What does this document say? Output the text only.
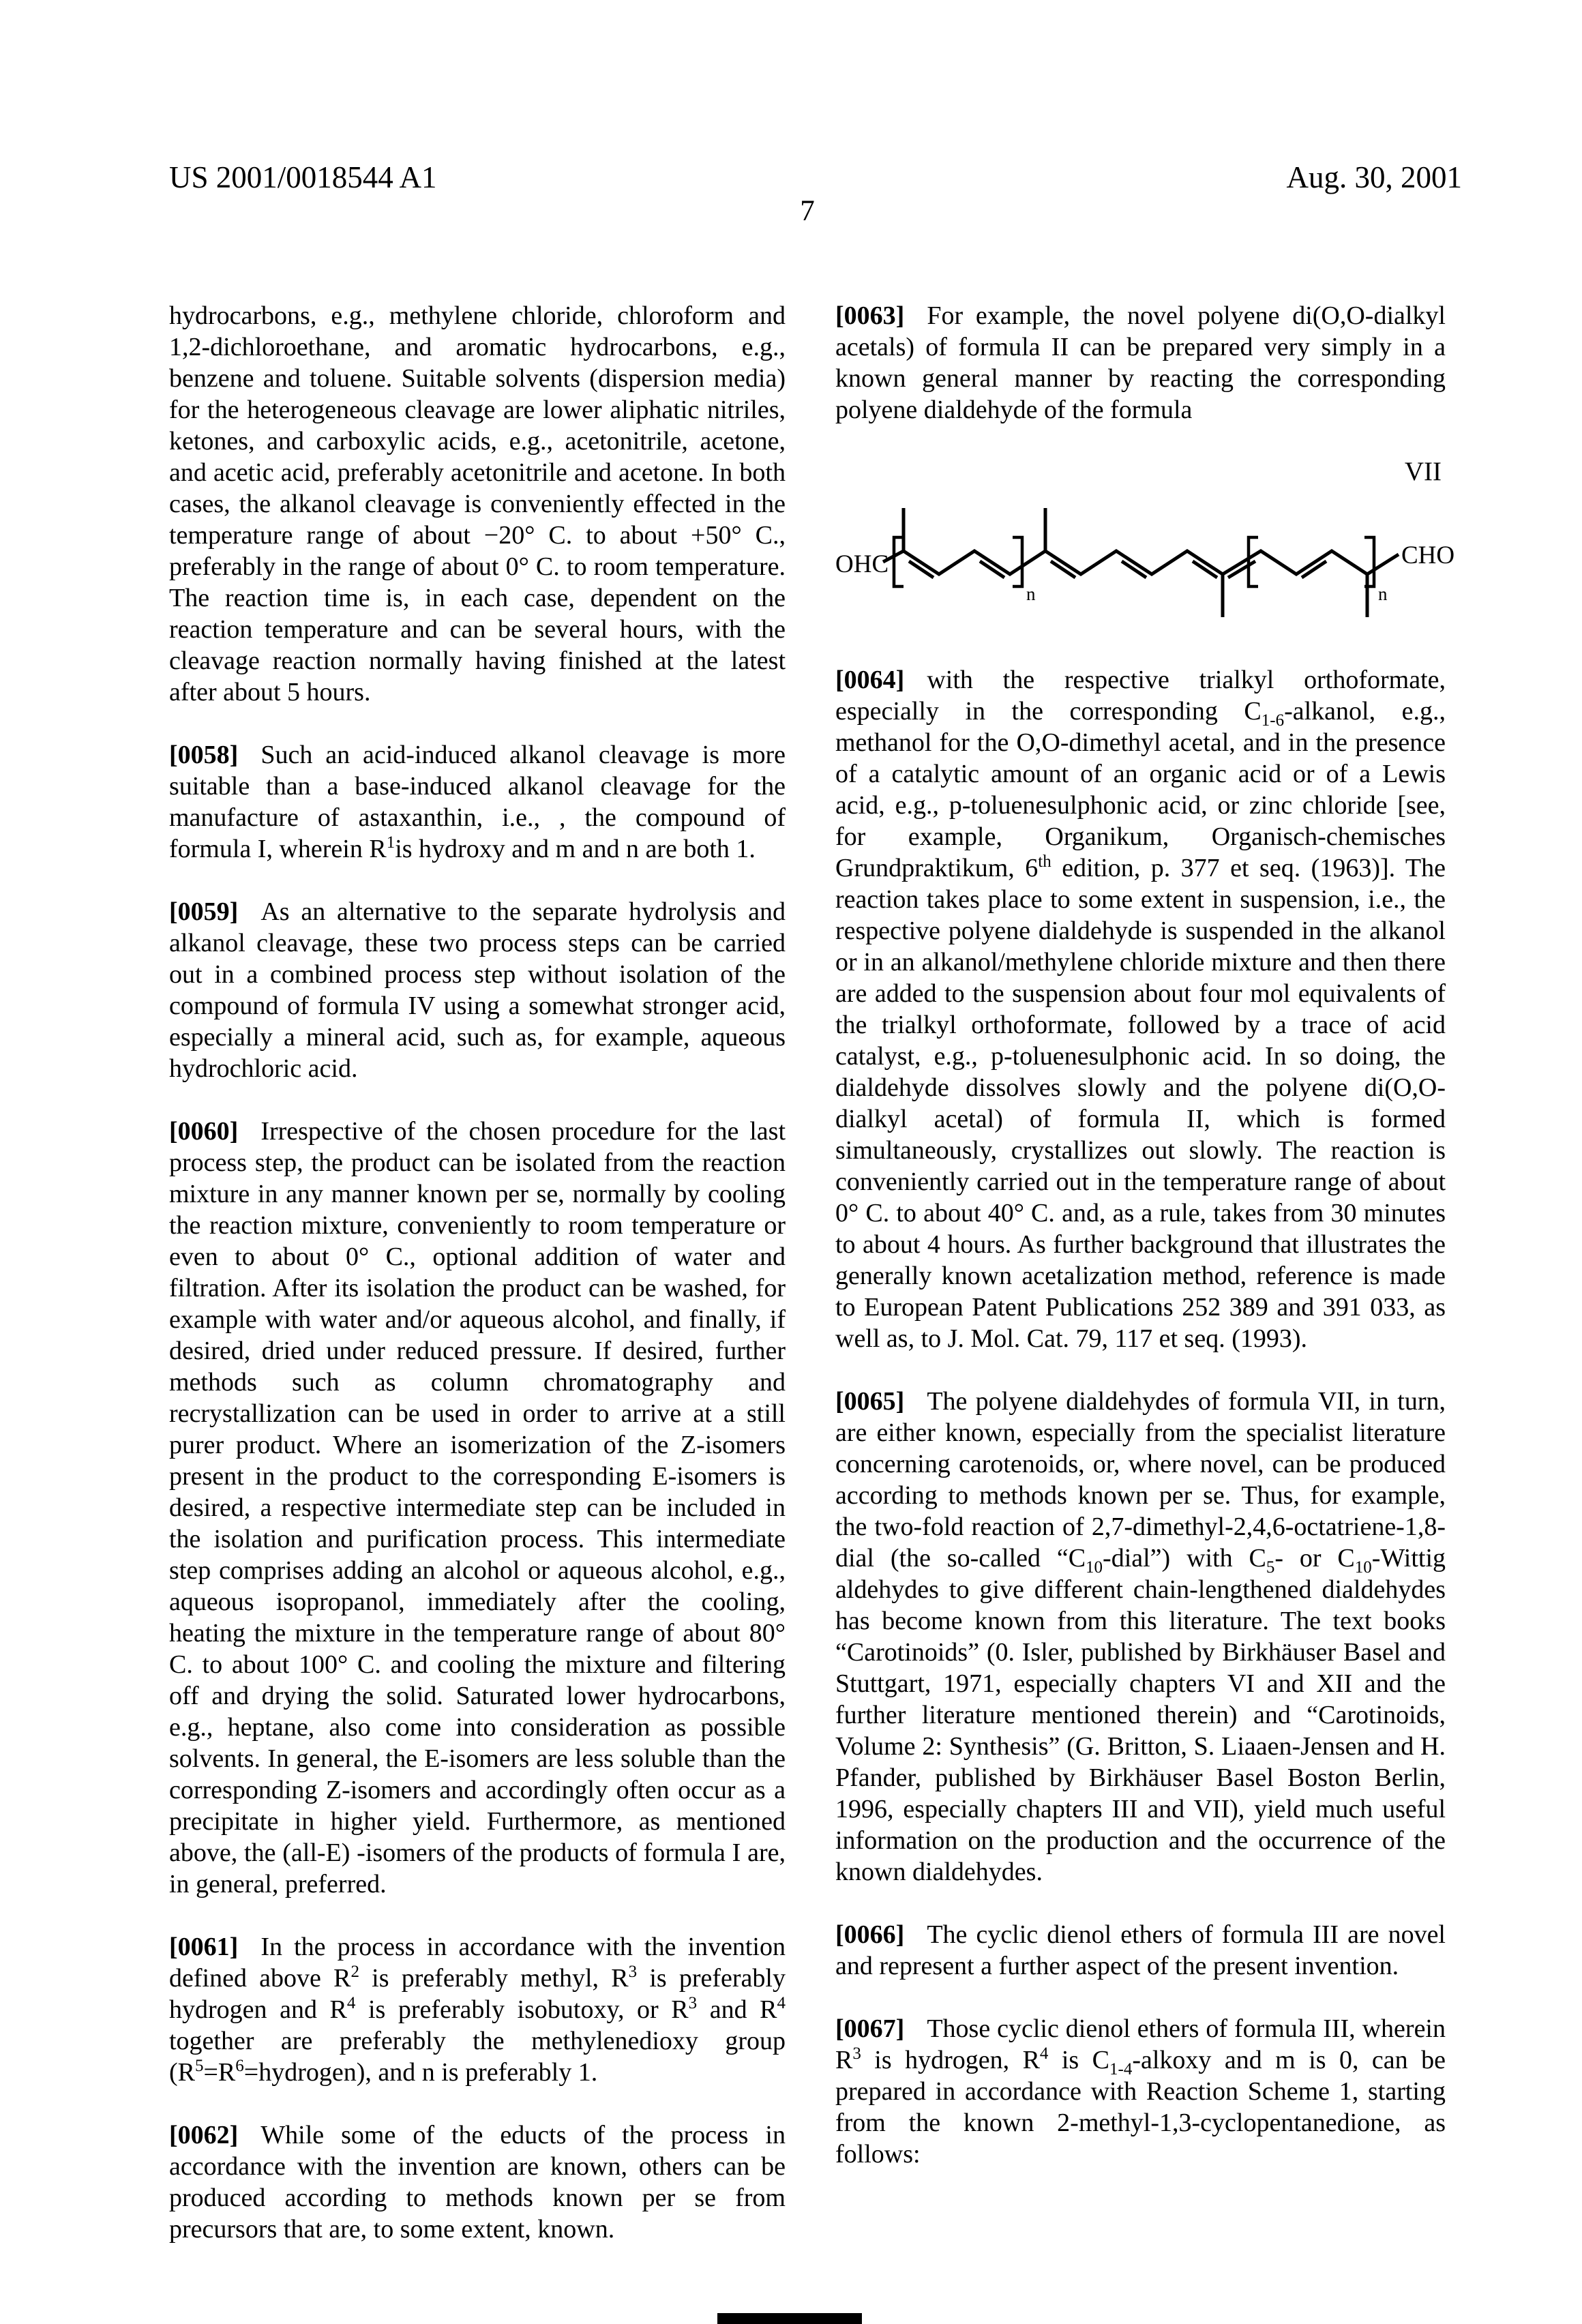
US 2001/0018544 A1	Aug. 30, 2001
7
hydrocarbons, e.g., methylene chloride, chloroform and 1,2-dichloroethane, and aromatic hydrocarbons, e.g., benzene and toluene. Suitable solvents (dispersion media) for the heterogeneous cleavage are lower aliphatic nitriles, ketones, and carboxylic acids, e.g., acetonitrile, acetone, and acetic acid, preferably acetonitrile and acetone. In both cases, the alkanol cleavage is conveniently effected in the temperature range of about −20° C. to about +50° C., preferably in the range of about 0° C. to room temperature. The reaction time is, in each case, dependent on the reaction temperature and can be several hours, with the cleavage reaction normally having finished at the latest after about 5 hours.
[0058] Such an acid-induced alkanol cleavage is more suitable than a base-induced alkanol cleavage for the manufacture of astaxanthin, i.e., , the compound of formula I, wherein $R^1is$ hydroxy and m and n are both 1.
[0059] As an alternative to the separate hydrolysis and alkanol cleavage, these two process steps can be carried out in a combined process step without isolation of the compound of formula IV using a somewhat stronger acid, especially a mineral acid, such as, for example, aqueous hydrochloric acid.
[0060] Irrespective of the chosen procedure for the last process step, the product can be isolated from the reaction mixture in any manner known per se, normally by cooling the reaction mixture, conveniently to room temperature or even to about 0° C., optional addition of water and filtration. After its isolation the product can be washed, for example with water and/or aqueous alcohol, and finally, if desired, dried under reduced pressure. If desired, further methods such as column chromatography and recrystallization can be used in order to arrive at a still purer product. Where an isomerization of the Z-isomers present in the product to the corresponding E-isomers is desired, a respective intermediate step can be included in the isolation and purification process. This intermediate step comprises adding an alcohol or aqueous alcohol, e.g., aqueous isopropanol, immediately after the cooling, heating the mixture in the temperature range of about 80° C. to about 100° C. and cooling the mixture and filtering off and drying the solid. Saturated lower hydrocarbons, e.g., heptane, also come into consideration as possible solvents. In general, the E-isomers are less soluble than the corresponding Z-isomers and accordingly often occur as a precipitate in higher yield. Furthermore, as mentioned above, the (all-E) -isomers of the products of formula I are, in general, preferred.
[0061] In the process in accordance with the invention defined above $R^2$ is preferably methyl, $R^3$ is preferably hydrogen and $R^4$ is preferably isobutoxy, or $R^3$ and $R^4$ together are preferably the methylenedioxy group $(R^5=R^6=hydrogen)$, and n is preferably 1.
[0062] While some of the educts of the process in accordance with the invention are known, others can be produced according to methods known per se from precursors that are, to some extent, known.
[0063] For example, the novel polyene di(O,O-dialkyl acetals) of formula II can be prepared very simply in a known general manner by reacting the corresponding polyene dialdehyde of the formula
VII
OHC	CHO
n	n
[0064] with the respective trialkyl orthoformate, especially in the corresponding $C_{1-6}$-alkanol, e.g., methanol for the O,O-dimethyl acetal, and in the presence of a catalytic amount of an organic acid or of a Lewis acid, e.g., p-toluenesulphonic acid, or zinc chloride [see, for example, Organikum, Organisch-chemisches Grundpraktikum, 6th edition, p. 377 et seq. (1963)]. The reaction takes place to some extent in suspension, i.e., the respective polyene dialdehyde is suspended in the alkanol or in an alkanol/methylene chloride mixture and then there are added to the suspension about four mol equivalents of the trialkyl orthoformate, followed by a trace of acid catalyst, e.g., p-toluenesulphonic acid. In so doing, the dialdehyde dissolves slowly and the polyene di(O,O-dialkyl acetal) of formula II, which is formed simultaneously, crystallizes out slowly. The reaction is conveniently carried out in the temperature range of about 0° C. to about 40° C. and, as a rule, takes from 30 minutes to about 4 hours. As further background that illustrates the generally known acetalization method, reference is made to European Patent Publications 252 389 and 391 033, as well as, to J. Mol. Cat. 79, 117 et seq. (1993).
[0065] The polyene dialdehydes of formula VII, in turn, are either known, especially from the specialist literature concerning carotenoids, or, where novel, can be produced according to methods known per se. Thus, for example, the two-fold reaction of 2,7-dimethyl-2,4,6-octatriene-1,8-dial (the so-called “$C_{10}-dial$”) with $C_5-$ or $C_{10}$-Wittig aldehydes to give different chain-lengthened dialdehydes has become known from this literature. The text books “Carotinoids” (0. Isler, published by Birkhäuser Basel and Stuttgart, 1971, especially chapters VI and XII and the further literature mentioned therein) and “Carotinoids, Volume 2: Synthesis” (G. Britton, S. Liaaen-Jensen and H. Pfander, published by Birkhäuser Basel Boston Berlin, 1996, especially chapters III and VII), yield much useful information on the production and the occurrence of the known dialdehydes.
[0066] The cyclic dienol ethers of formula III are novel and represent a further aspect of the present invention.
[0067] Those cyclic dienol ethers of formula III, wherein $R^3$ is hydrogen, $R^4$ is $C_{1-4}$-alkoxy and m is 0, can be prepared in accordance with Reaction Scheme 1, starting from the known 2-methyl-1,3-cyclopentanedione, as follows:
